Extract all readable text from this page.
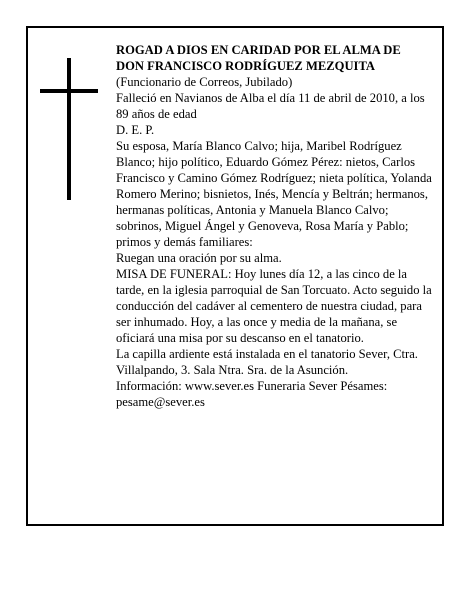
ROGAD A DIOS EN CARIDAD POR EL ALMA DE

DON FRANCISCO RODRÍGUEZ MEZQUITA

(Funcionario de Correos, Jubilado)

Falleció en Navianos de Alba el día 11 de abril de 2010, a los 89 años de edad

D. E. P.

Su esposa, María Blanco Calvo; hija, Maribel Rodríguez Blanco; hijo político, Eduardo Gómez Pérez: nietos, Carlos Francisco y Camino Gómez Rodríguez; nieta política, Yolanda Romero Merino; bisnietos, Inés, Mencía y Beltrán; hermanos, hermanas políticas, Antonia y Manuela Blanco Calvo; sobrinos, Miguel Ángel y Genoveva, Rosa María y Pablo; primos y demás familiares:

Ruegan una oración por su alma.

MISA DE FUNERAL: Hoy lunes día 12, a las cinco de la tarde, en la iglesia parroquial de San Torcuato. Acto seguido la conducción del cadáver al cementero de nuestra ciudad, para ser inhumado. Hoy, a las once y media de la mañana, se oficiará una misa por su descanso en el tanatorio.

La capilla ardiente está instalada en el tanatorio Sever, Ctra. Villalpando, 3. Sala Ntra. Sra. de la Asunción.

Información: www.sever.es Funeraria Sever Pésames: pesame@sever.es
